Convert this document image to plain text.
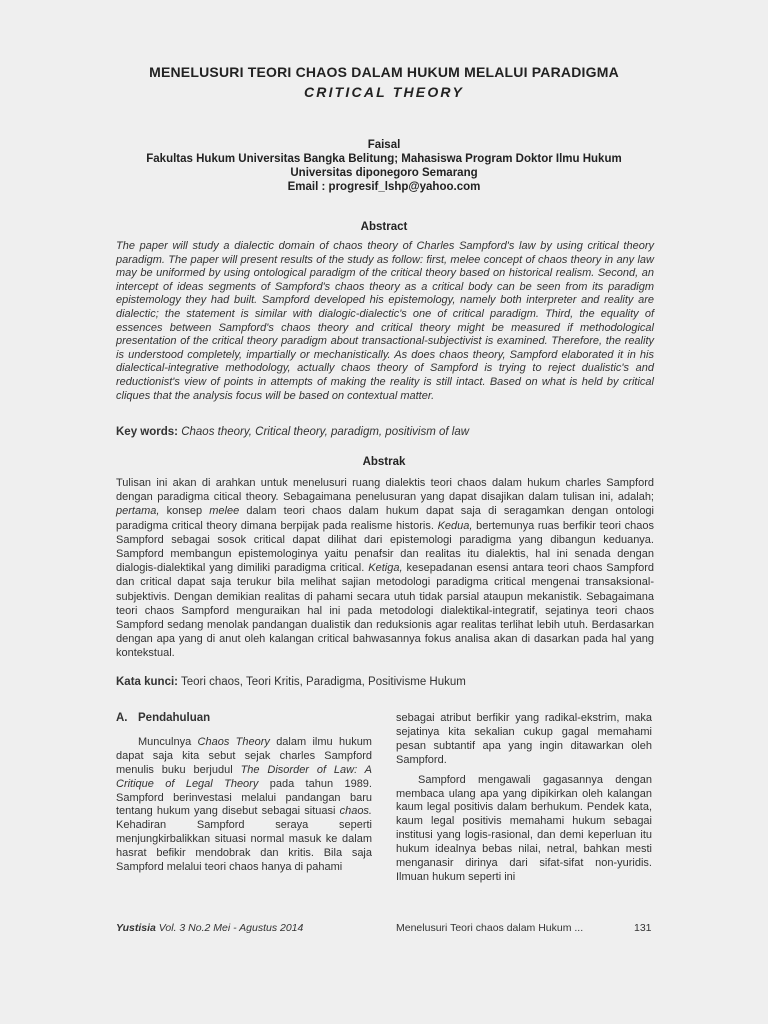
MENELUSURI TEORI CHAOS DALAM HUKUM MELALUI PARADIGMA
CRITICAL THEORY
Faisal
Fakultas Hukum Universitas Bangka Belitung; Mahasiswa Program Doktor Ilmu Hukum
Universitas diponegoro Semarang
Email : progresif_lshp@yahoo.com
Abstract
The paper will study a dialectic domain of chaos theory of Charles Sampford's law by using critical theory paradigm. The paper will present results of the study as follow: first, melee concept of chaos theory in any law may be uniformed by using ontological paradigm of the critical theory based on historical realism. Second, an intercept of ideas segments of Sampford's chaos theory as a critical body can be seen from its paradigm epistemology they had built. Sampford developed his epistemology, namely both interpreter and reality are dialectic; the statement is similar with dialogic-dialectic's one of critical paradigm. Third, the equality of essences between Sampford's chaos theory and critical theory might be measured if methodological presentation of the critical theory paradigm about transactional-subjectivist is examined. Therefore, the reality is understood completely, impartially or mechanistically. As does chaos theory, Sampford elaborated it in his dialectical-integrative methodology, actually chaos theory of Sampford is trying to reject dualistic's and reductionist's view of points in attempts of making the reality is still intact. Based on what is held by critical cliques that the analysis focus will be based on contextual matter.
Key words: Chaos theory, Critical theory, paradigm, positivism of law
Abstrak
Tulisan ini akan di arahkan untuk menelusuri ruang dialektis teori chaos dalam hukum charles Sampford dengan paradigma citical theory. Sebagaimana penelusuran yang dapat disajikan dalam tulisan ini, adalah; pertama, konsep melee dalam teori chaos dalam hukum dapat saja di seragamkan dengan ontologi paradigma critical theory dimana berpijak pada realisme historis. Kedua, bertemunya ruas berfikir teori chaos Sampford sebagai sosok critical dapat dilihat dari epistemologi paradigma yang dibangun keduanya. Sampford membangun epistemologinya yaitu penafsir dan realitas itu dialektis, hal ini senada dengan dialogis-dialektikal yang dimiliki paradigma critical. Ketiga, kesepadanan esensi antara teori chaos Sampford dan critical dapat saja terukur bila melihat sajian metodologi paradigma critical mengenai transaksional-subjektivis. Dengan demikian realitas di pahami secara utuh tidak parsial ataupun mekanistik. Sebagaimana teori chaos Sampford menguraikan hal ini pada metodologi dialektikal-integratif, sejatinya teori chaos Sampford sedang menolak pandangan dualistik dan reduksionis agar realitas terlihat lebih utuh. Berdasarkan dengan apa yang di anut oleh kalangan critical bahwasannya fokus analisa akan di dasarkan pada hal yang kontekstual.
Kata kunci: Teori chaos, Teori Kritis, Paradigma, Positivisme Hukum
A. Pendahuluan

Munculnya Chaos Theory dalam ilmu hukum dapat saja kita sebut sejak charles Sampford menulis buku berjudul The Disorder of Law: A Critique of Legal Theory pada tahun 1989. Sampford berinvestasi melalui pandangan baru tentang hukum yang disebut sebagai situasi chaos. Kehadiran Sampford seraya seperti menjungkirbalikkan situasi normal masuk ke dalam hasrat befikir mendobrak dan kritis. Bila saja Sampford melalui teori chaos hanya di pahami

sebagai atribut berfikir yang radikal-ekstrim, maka sejatinya kita sekalian cukup gagal memahami pesan subtantif apa yang ingin ditawarkan oleh Sampford.

Sampford mengawali gagasannya dengan membaca ulang apa yang dipikirkan oleh kalangan kaum legal positivis dalam berhukum. Pendek kata, kaum legal positivis memahami hukum sebagai institusi yang logis-rasional, dan demi keperluan itu hukum idealnya bebas nilai, netral, bahkan mesti menganasir dirinya dari sifat-sifat non-yuridis. Ilmuan hukum seperti ini

Yustisia Vol. 3 No.2 Mei - Agustus 2014	Menelusuri Teori chaos dalam Hukum ...	131
